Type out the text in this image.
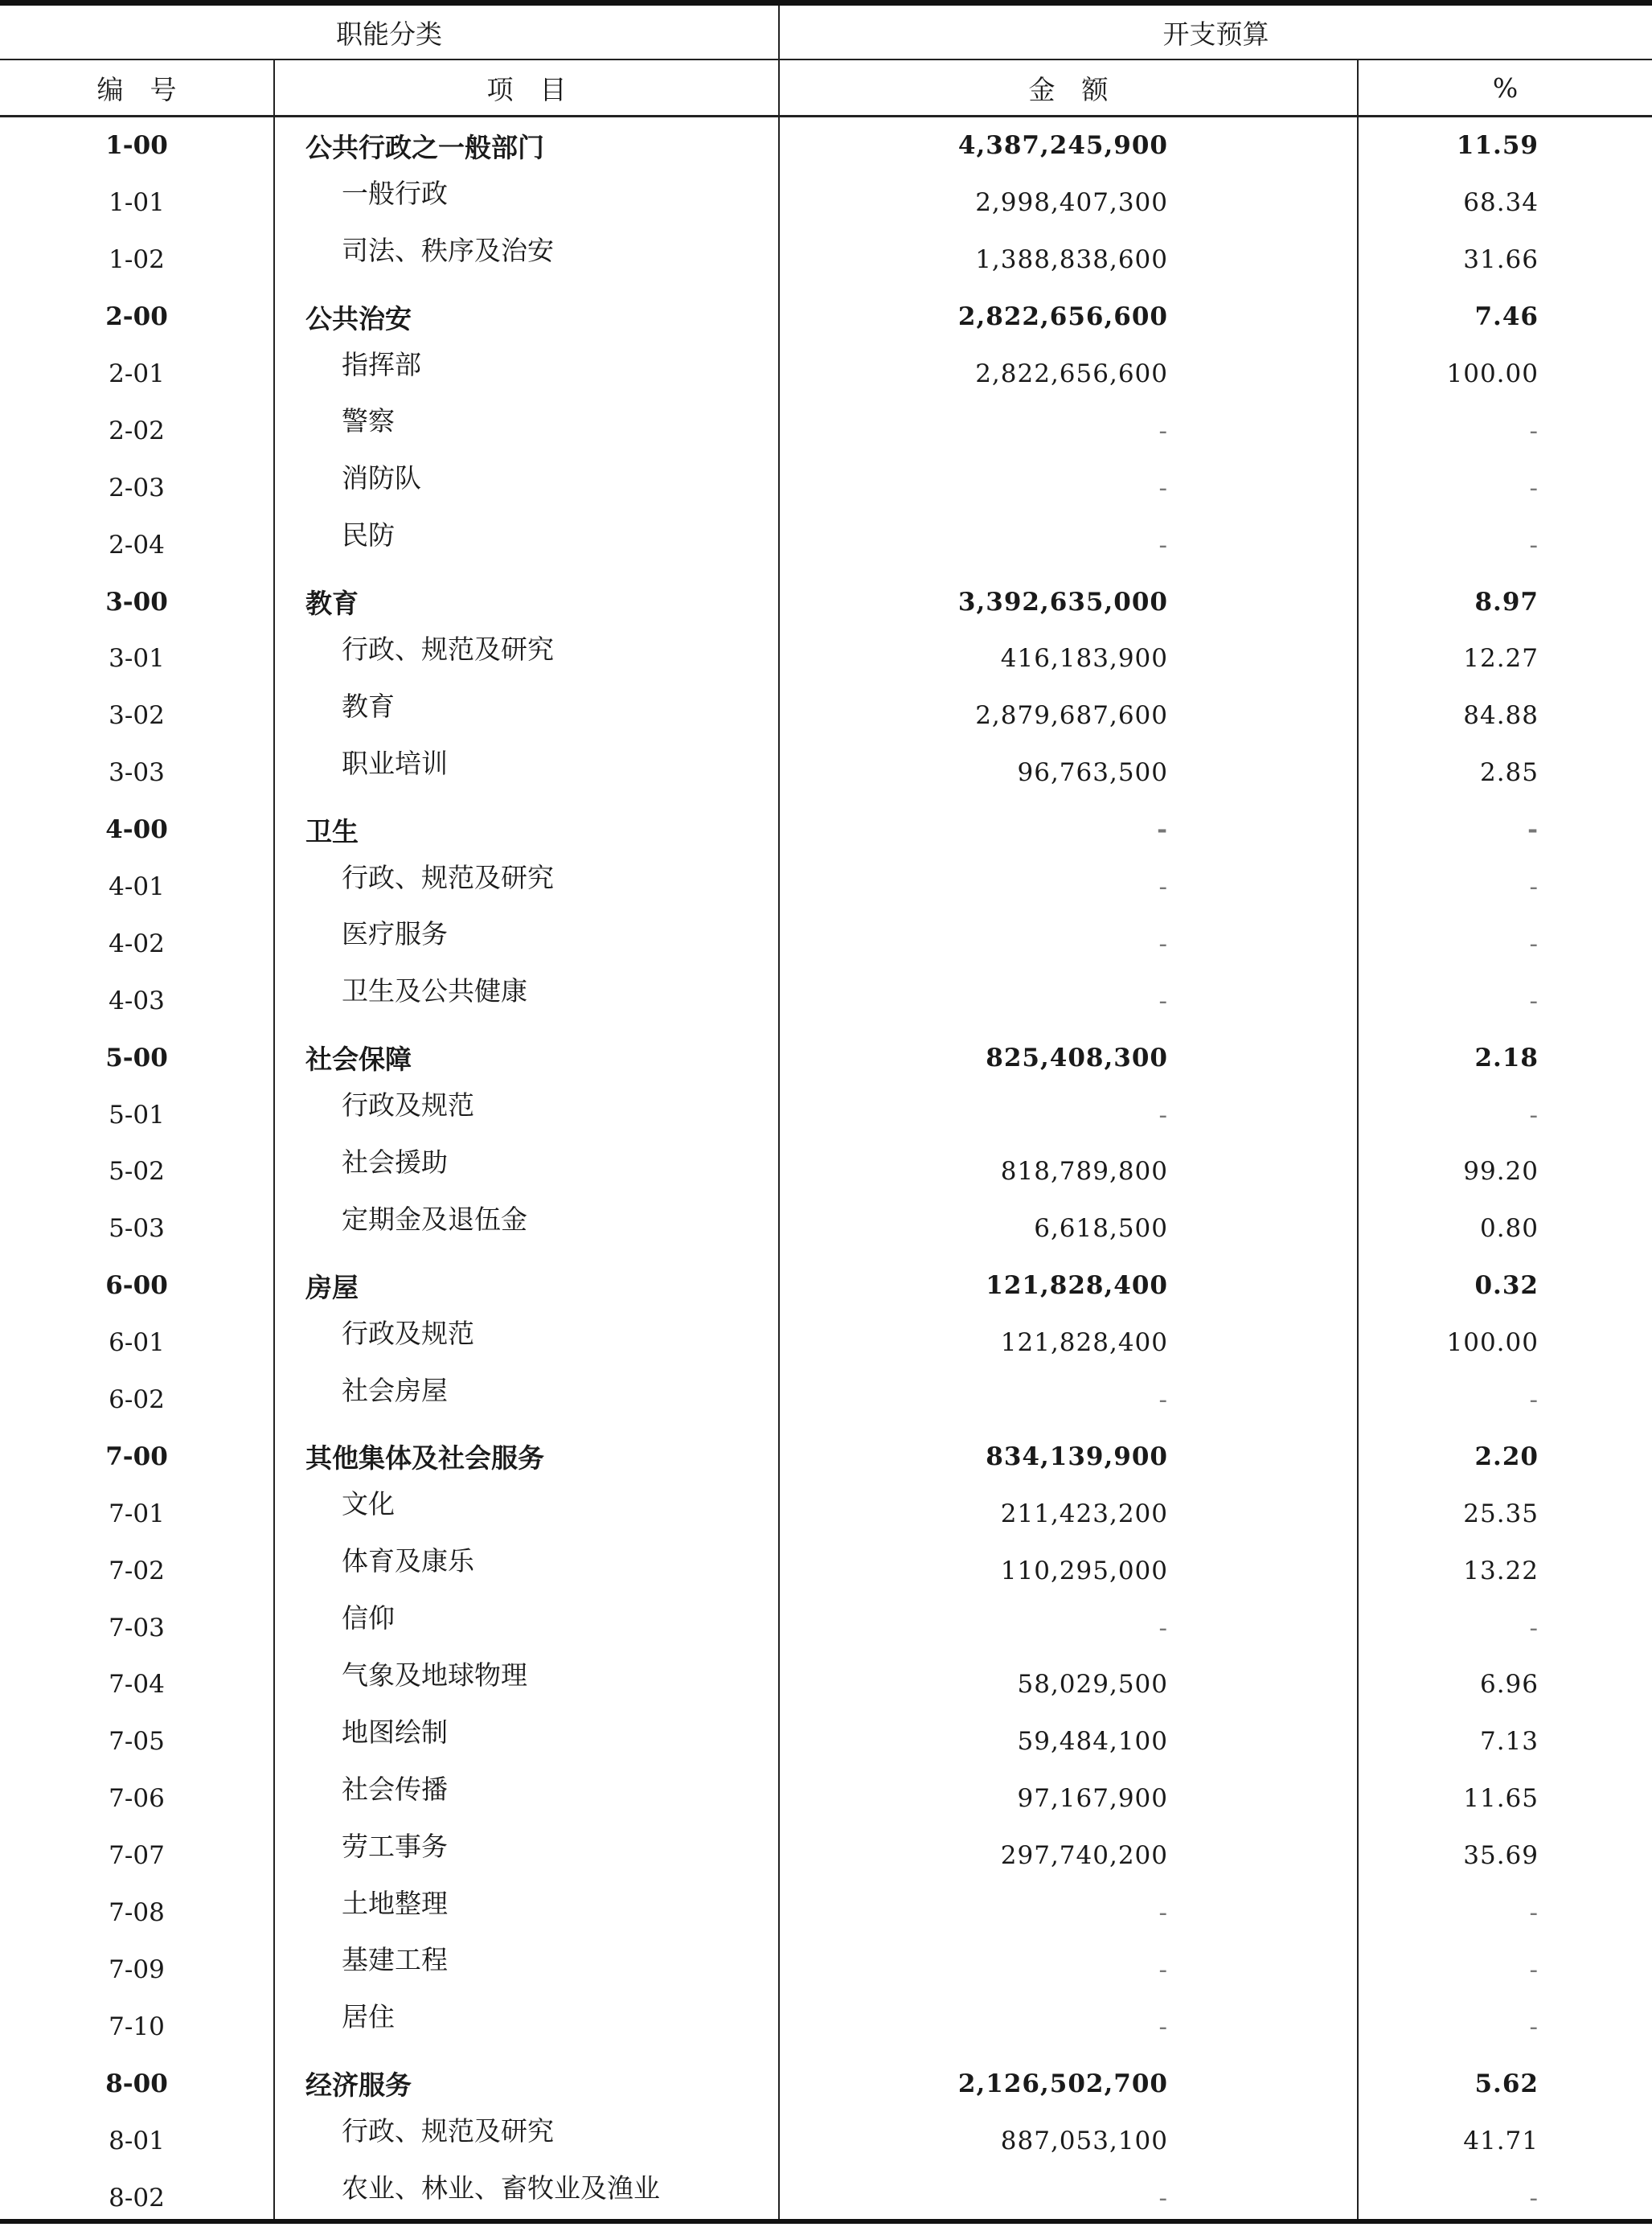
职能分类	开支预算
编　号	项　目	金　额	%
1-00	公共行政之一般部门	4,387,245,900	11.59
1-01	一般行政	2,998,407,300	68.34
1-02	司法、秩序及治安	1,388,838,600	31.66
2-00	公共治安	2,822,656,600	7.46
2-01	指挥部	2,822,656,600	100.00
2-02	警察	-	-
2-03	消防队	-	-
2-04	民防	-	-
3-00	教育	3,392,635,000	8.97
3-01	行政、规范及研究	416,183,900	12.27
3-02	教育	2,879,687,600	84.88
3-03	职业培训	96,763,500	2.85
4-00	卫生	-	-
4-01	行政、规范及研究	-	-
4-02	医疗服务	-	-
4-03	卫生及公共健康	-	-
5-00	社会保障	825,408,300	2.18
5-01	行政及规范	-	-
5-02	社会援助	818,789,800	99.20
5-03	定期金及退伍金	6,618,500	0.80
6-00	房屋	121,828,400	0.32
6-01	行政及规范	121,828,400	100.00
6-02	社会房屋	-	-
7-00	其他集体及社会服务	834,139,900	2.20
7-01	文化	211,423,200	25.35
7-02	体育及康乐	110,295,000	13.22
7-03	信仰	-	-
7-04	气象及地球物理	58,029,500	6.96
7-05	地图绘制	59,484,100	7.13
7-06	社会传播	97,167,900	11.65
7-07	劳工事务	297,740,200	35.69
7-08	土地整理	-	-
7-09	基建工程	-	-
7-10	居住	-	-
8-00	经济服务	2,126,502,700	5.62
8-01	行政、规范及研究	887,053,100	41.71
8-02	农业、林业、畜牧业及渔业	-	-
